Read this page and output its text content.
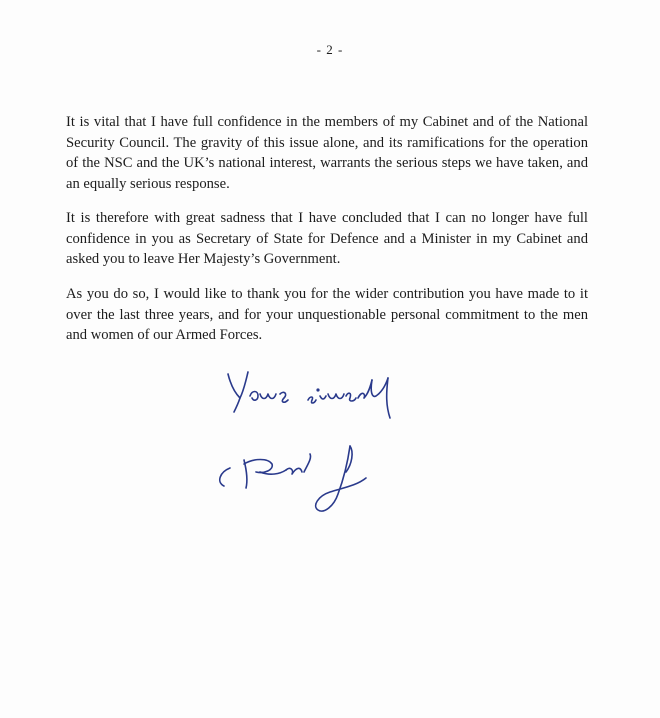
- 2 -

It is vital that I have full confidence in the members of my Cabinet and of the National Security Council. The gravity of this issue alone, and its ramifications for the operation of the NSC and the UK’s national interest, warrants the serious steps we have taken, and an equally serious response.

It is therefore with great sadness that I have concluded that I can no longer have full confidence in you as Secretary of State for Defence and a Minister in my Cabinet and asked you to leave Her Majesty’s Government.

As you do so, I would like to thank you for the wider contribution you have made to it over the last three years, and for your unquestionable personal commitment to the men and women of our Armed Forces.
